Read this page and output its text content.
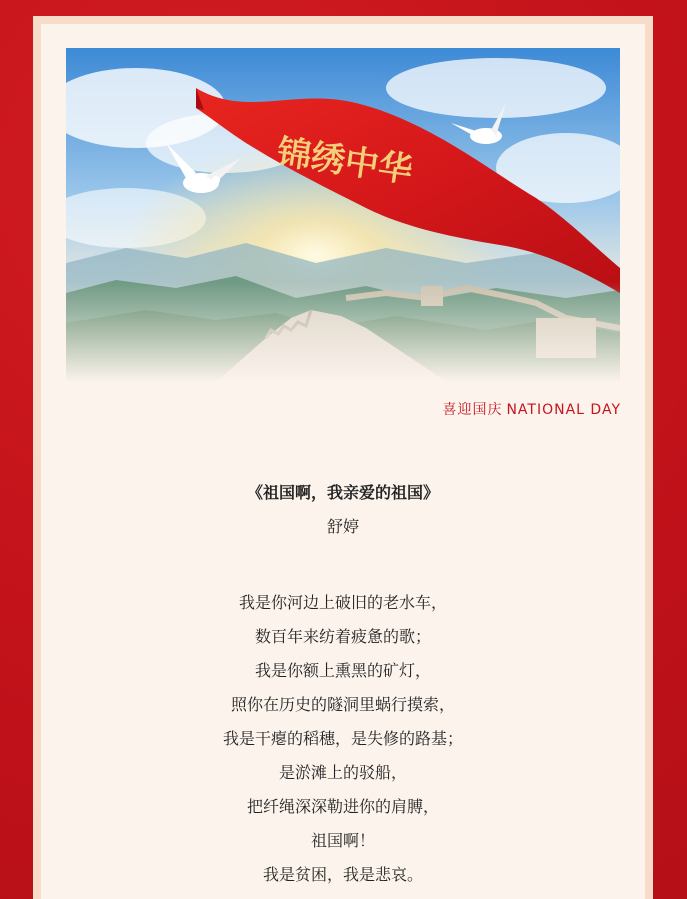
喜迎国庆 NATIONAL DAY
《祖国啊，我亲爱的祖国》
舒婷
我是你河边上破旧的老水车，
数百年来纺着疲惫的歌；
我是你额上熏黑的矿灯，
照你在历史的隧洞里蜗行摸索，
我是干瘪的稻穗，是失修的路基；
是淤滩上的驳船，
把纤绳深深勒进你的肩膊，
祖国啊！
我是贫困，我是悲哀。
